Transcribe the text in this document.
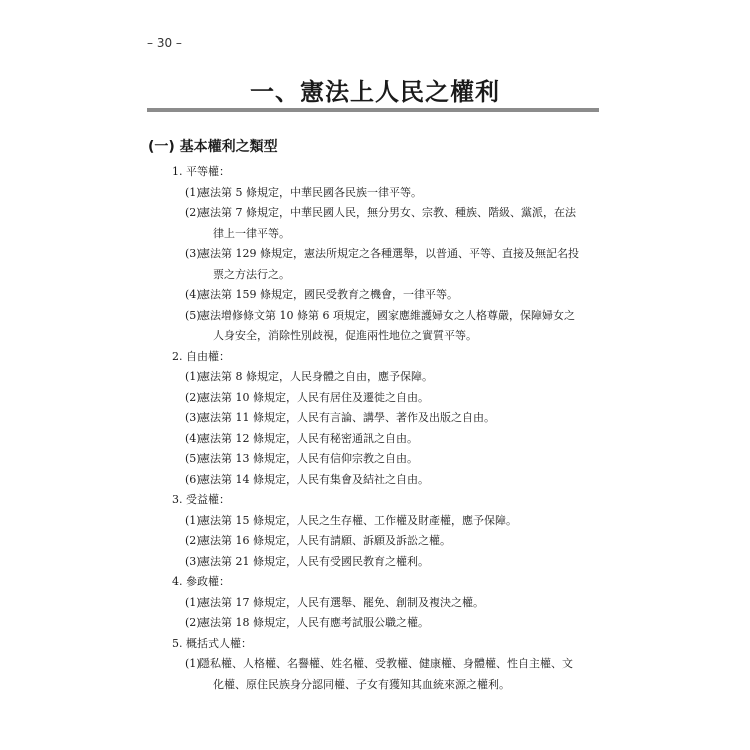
– 30 –
一、憲法上人民之權利
(一) 基本權利之類型
1. 平等權：
(1)憲法第 5 條規定，中華民國各民族一律平等。
(2)憲法第 7 條規定，中華民國人民，無分男女、宗教、種族、階級、黨派，在法
律上一律平等。
(3)憲法第 129 條規定，憲法所規定之各種選舉，以普通、平等、直接及無記名投
票之方法行之。
(4)憲法第 159 條規定，國民受教育之機會，一律平等。
(5)憲法增修條文第 10 條第 6 項規定，國家應維護婦女之人格尊嚴，保障婦女之
人身安全，消除性別歧視，促進兩性地位之實質平等。
2. 自由權：
(1)憲法第 8 條規定，人民身體之自由，應予保障。
(2)憲法第 10 條規定，人民有居住及遷徙之自由。
(3)憲法第 11 條規定，人民有言論、講學、著作及出版之自由。
(4)憲法第 12 條規定，人民有秘密通訊之自由。
(5)憲法第 13 條規定，人民有信仰宗教之自由。
(6)憲法第 14 條規定，人民有集會及結社之自由。
3. 受益權：
(1)憲法第 15 條規定，人民之生存權、工作權及財產權，應予保障。
(2)憲法第 16 條規定，人民有請願、訴願及訴訟之權。
(3)憲法第 21 條規定，人民有受國民教育之權利。
4. 參政權：
(1)憲法第 17 條規定，人民有選舉、罷免、創制及複決之權。
(2)憲法第 18 條規定，人民有應考試服公職之權。
5. 概括式人權：
(1)隱私權、人格權、名譽權、姓名權、受教權、健康權、身體權、性自主權、文
化權、原住民族身分認同權、子女有獲知其血統來源之權利。
